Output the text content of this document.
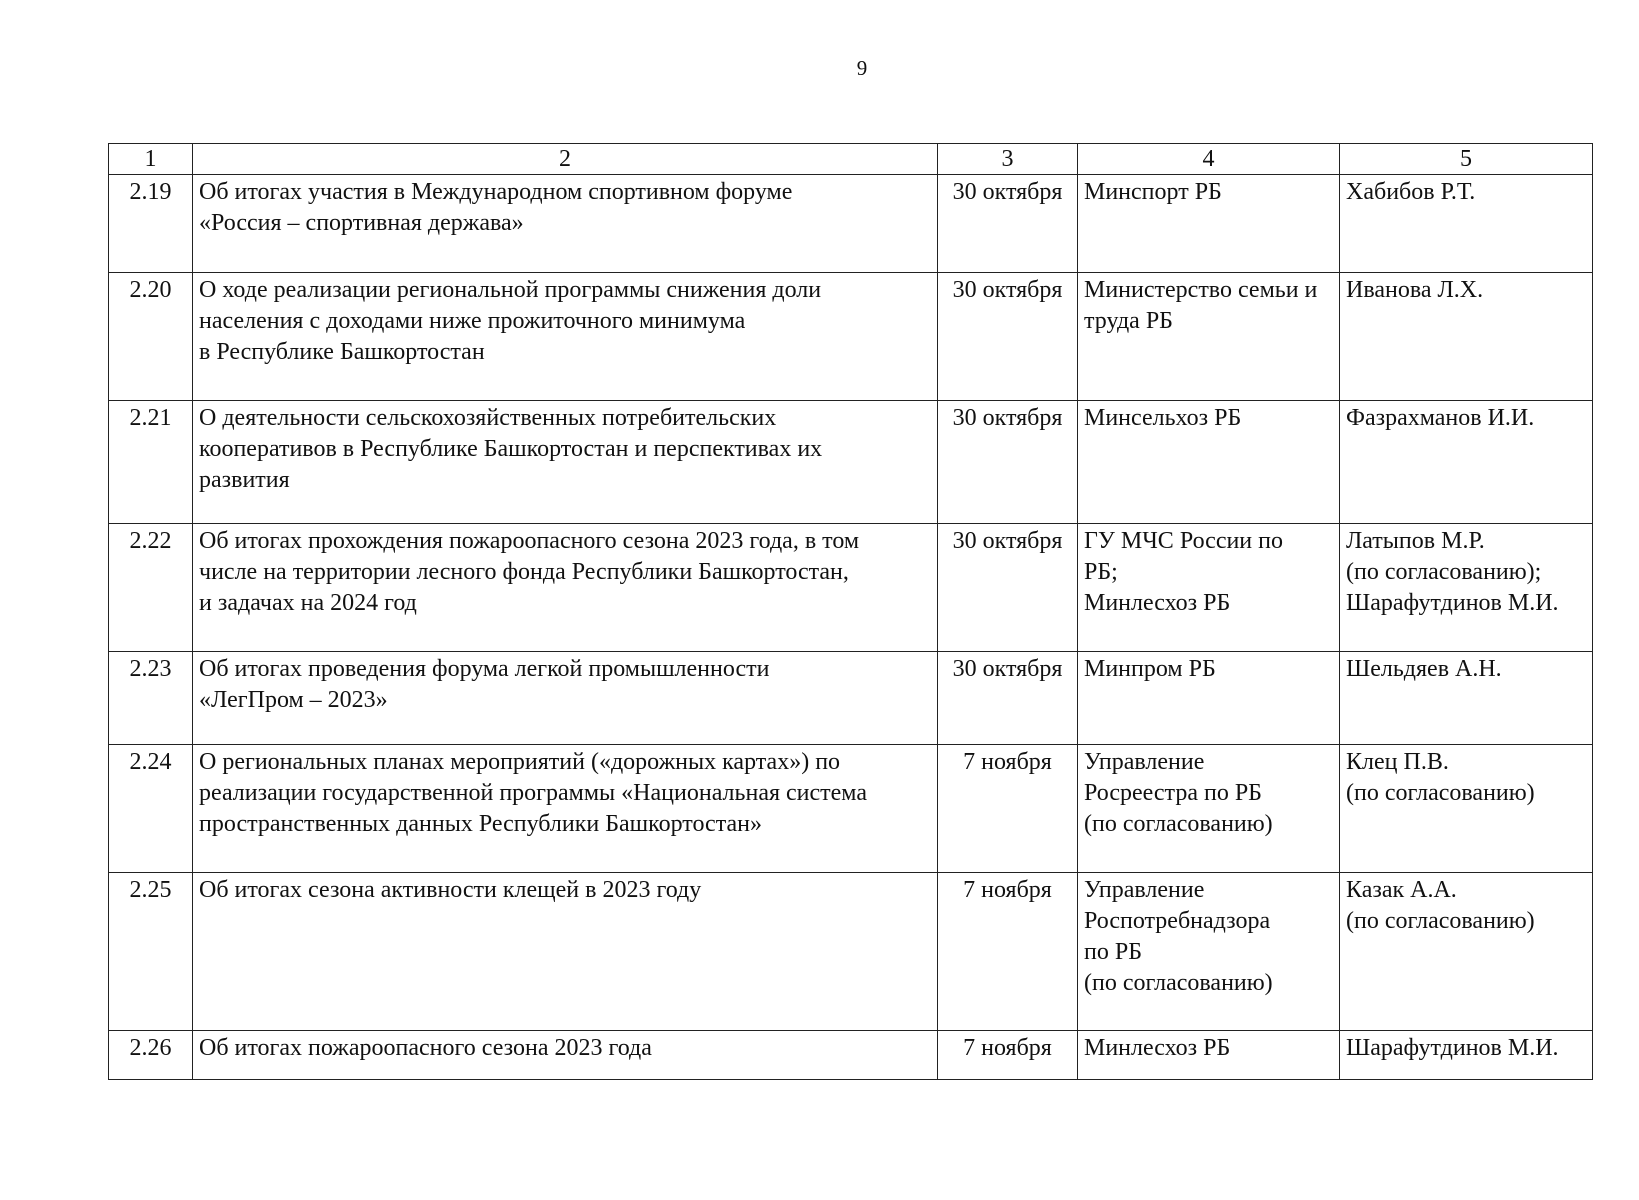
9
1	2	3	4	5
2.19	Об итогах участия в Международном спортивном форуме
«Россия – спортивная держава»	30 октября	Минспорт РБ	Хабибов Р.Т.
2.20	О ходе реализации региональной программы снижения доли
населения с доходами ниже прожиточного минимума
в Республике Башкортостан	30 октября	Министерство семьи и
труда РБ	Иванова Л.Х.
2.21	О деятельности сельскохозяйственных потребительских
кооперативов в Республике Башкортостан и перспективах их
развития	30 октября	Минсельхоз РБ	Фазрахманов И.И.
2.22	Об итогах прохождения пожароопасного сезона 2023 года, в том
числе на территории лесного фонда Республики Башкортостан,
и задачах на 2024 год	30 октября	ГУ МЧС России по
РБ;
Минлесхоз РБ	Латыпов М.Р.
(по согласованию);
Шарафутдинов М.И.
2.23	Об итогах проведения форума легкой промышленности
«ЛегПром – 2023»	30 октября	Минпром РБ	Шельдяев А.Н.
2.24	О региональных планах мероприятий («дорожных картах») по
реализации государственной программы «Национальная система
пространственных данных Республики Башкортостан»	7 ноября	Управление
Росреестра по РБ
(по согласованию)	Клец П.В.
(по согласованию)
2.25	Об итогах сезона активности клещей в 2023 году	7 ноября	Управление
Роспотребнадзора
по РБ
(по согласованию)	Казак А.А.
(по согласованию)
2.26	Об итогах пожароопасного сезона 2023 года	7 ноября	Минлесхоз РБ	Шарафутдинов М.И.
